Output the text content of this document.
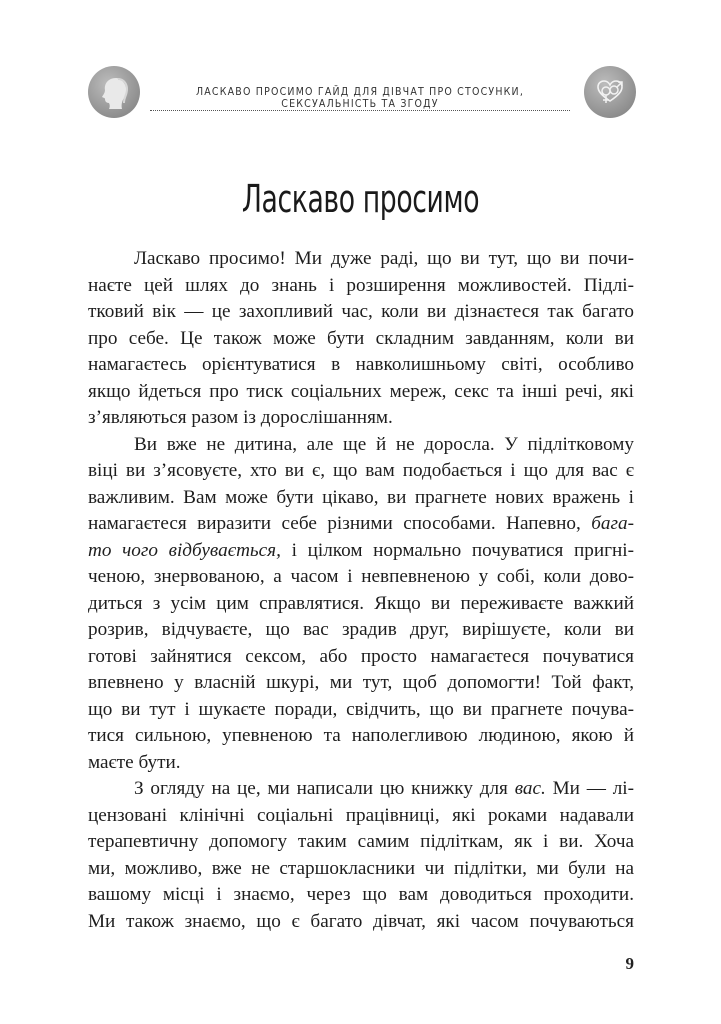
ЛАСКАВО ПРОСИМО ГАЙД ДЛЯ ДІВЧАТ ПРО СТОСУНКИ, СЕКСУАЛЬНІСТЬ ТА ЗГОДУ
Ласкаво просимо
Ласкаво просимо! Ми дуже раді, що ви тут, що ви почи-
наєте цей шлях до знань і розширення можливостей. Підлі-
тковий вік — це захопливий час, коли ви дізнаєтеся так багато
про себе. Це також може бути складним завданням, коли ви
намагаєтесь орієнтуватися в навколишньому світі, особливо
якщо йдеться про тиск соціальних мереж, секс та інші речі, які
з’являються разом із дорослішанням.
Ви вже не дитина, але ще й не доросла. У підлітковому
віці ви з’ясовуєте, хто ви є, що вам подобається і що для вас є
важливим. Вам може бути цікаво, ви прагнете нових вражень і
намагаєтеся виразити себе різними способами. Напевно, бага-
то чого відбувається, і цілком нормально почуватися пригні-
ченою, знервованою, а часом і невпевненою у собі, коли дово-
диться з усім цим справлятися. Якщо ви переживаєте важкий
розрив, відчуваєте, що вас зрадив друг, вирішуєте, коли ви
готові зайнятися сексом, або просто намагаєтеся почуватися
впевнено у власній шкурі, ми тут, щоб допомогти! Той факт,
що ви тут і шукаєте поради, свідчить, що ви прагнете почува-
тися сильною, упевненою та наполегливою людиною, якою й
маєте бути.
З огляду на це, ми написали цю книжку для вас. Ми — лі-
цензовані клінічні соціальні працівниці, які роками надавали
терапевтичну допомогу таким самим підліткам, як і ви. Хоча
ми, можливо, вже не старшокласники чи підлітки, ми були на
вашому місці і знаємо, через що вам доводиться проходити.
Ми також знаємо, що є багато дівчат, які часом почуваються
9
